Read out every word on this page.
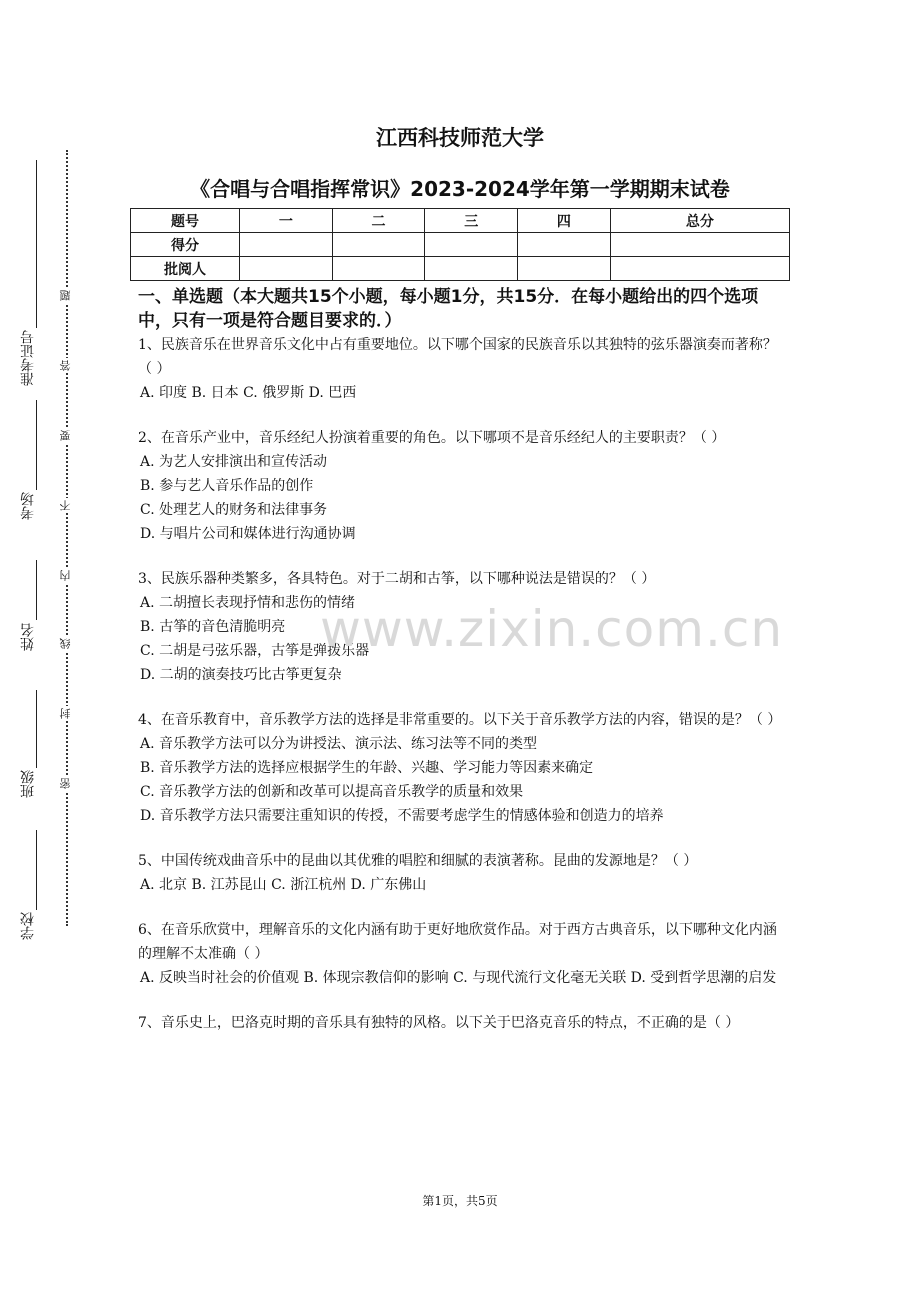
准考证号
考场
姓名
班级
学校
题
答
要
不
内
线
封
密
江西科技师范大学
《合唱与合唱指挥常识》2023-2024学年第一学期期末试卷
题号	一	二	三	四	总分
得分					
批阅人					
一、单选题（本大题共15个小题，每小题1分，共15分．在每小题给出的四个选项中，只有一项是符合题目要求的．）
1、民族音乐在世界音乐文化中占有重要地位。以下哪个国家的民族音乐以其独特的弦乐器演奏而著称？（ ）
A. 印度 B. 日本 C. 俄罗斯 D. 巴西
2、在音乐产业中，音乐经纪人扮演着重要的角色。以下哪项不是音乐经纪人的主要职责？（ ）
A. 为艺人安排演出和宣传活动
B. 参与艺人音乐作品的创作
C. 处理艺人的财务和法律事务
D. 与唱片公司和媒体进行沟通协调
3、民族乐器种类繁多，各具特色。对于二胡和古筝，以下哪种说法是错误的？（ ）
A. 二胡擅长表现抒情和悲伤的情绪
B. 古筝的音色清脆明亮
C. 二胡是弓弦乐器，古筝是弹拨乐器
D. 二胡的演奏技巧比古筝更复杂
4、在音乐教育中，音乐教学方法的选择是非常重要的。以下关于音乐教学方法的内容，错误的是？（ ）
A. 音乐教学方法可以分为讲授法、演示法、练习法等不同的类型
B. 音乐教学方法的选择应根据学生的年龄、兴趣、学习能力等因素来确定
C. 音乐教学方法的创新和改革可以提高音乐教学的质量和效果
D. 音乐教学方法只需要注重知识的传授，不需要考虑学生的情感体验和创造力的培养
5、中国传统戏曲音乐中的昆曲以其优雅的唱腔和细腻的表演著称。昆曲的发源地是？（ ）
A. 北京 B. 江苏昆山 C. 浙江杭州 D. 广东佛山
6、在音乐欣赏中，理解音乐的文化内涵有助于更好地欣赏作品。对于西方古典音乐，以下哪种文化内涵的理解不太准确（ ）
A. 反映当时社会的价值观 B. 体现宗教信仰的影响 C. 与现代流行文化毫无关联 D. 受到哲学思潮的启发
7、音乐史上，巴洛克时期的音乐具有独特的风格。以下关于巴洛克音乐的特点，不正确的是（ ）
www.zixin.com.cn
第1页，共5页
